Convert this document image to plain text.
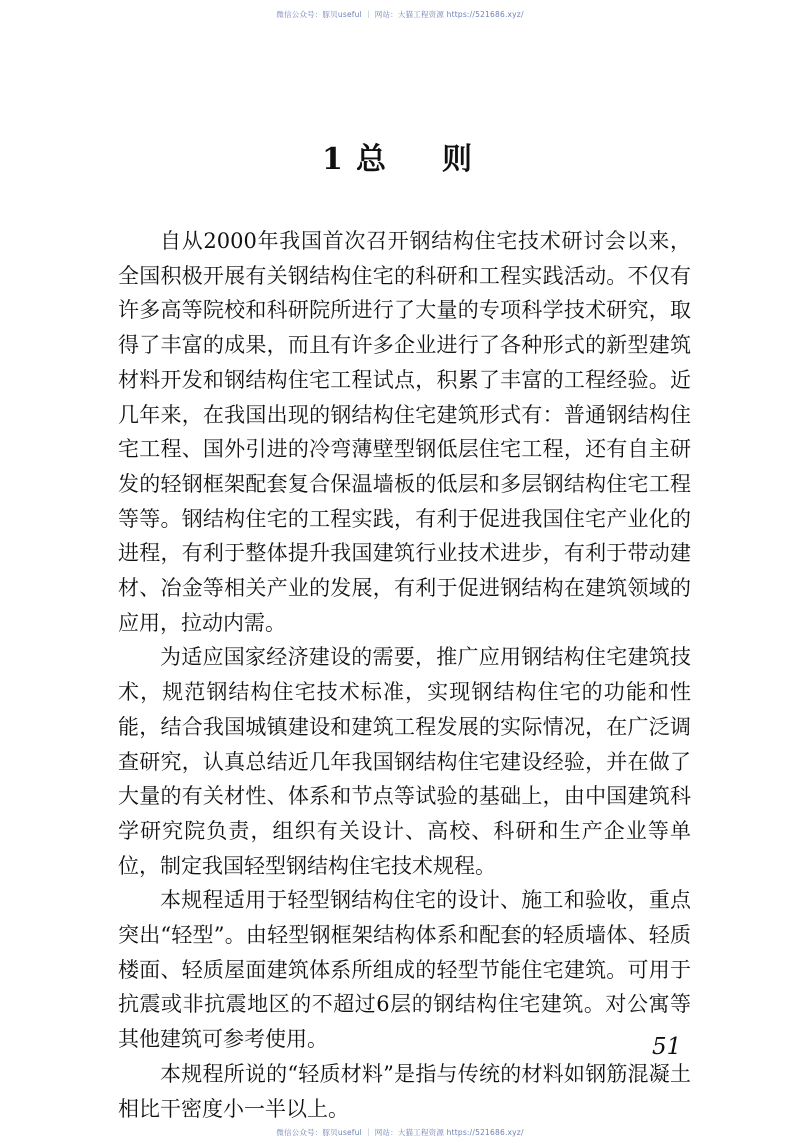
微信公众号：豚贝useful ｜ 网站：大猫工程资源 https://521686.xyz/
1 总 则

自从2000年我国首次召开钢结构住宅技术研讨会以来，全国积极开展有关钢结构住宅的科研和工程实践活动。不仅有许多高等院校和科研院所进行了大量的专项科学技术研究，取得了丰富的成果，而且有许多企业进行了各种形式的新型建筑材料开发和钢结构住宅工程试点，积累了丰富的工程经验。近几年来，在我国出现的钢结构住宅建筑形式有：普通钢结构住宅工程、国外引进的冷弯薄壁型钢低层住宅工程，还有自主研发的轻钢框架配套复合保温墙板的低层和多层钢结构住宅工程等等。钢结构住宅的工程实践，有利于促进我国住宅产业化的进程，有利于整体提升我国建筑行业技术进步，有利于带动建材、冶金等相关产业的发展，有利于促进钢结构在建筑领域的应用，拉动内需。

为适应国家经济建设的需要，推广应用钢结构住宅建筑技术，规范钢结构住宅技术标准，实现钢结构住宅的功能和性能，结合我国城镇建设和建筑工程发展的实际情况，在广泛调查研究，认真总结近几年我国钢结构住宅建设经验，并在做了大量的有关材性、体系和节点等试验的基础上，由中国建筑科学研究院负责，组织有关设计、高校、科研和生产企业等单位，制定我国轻型钢结构住宅技术规程。

本规程适用于轻型钢结构住宅的设计、施工和验收，重点突出“轻型”。由轻型钢框架结构体系和配套的轻质墙体、轻质楼面、轻质屋面建筑体系所组成的轻型节能住宅建筑。可用于抗震或非抗震地区的不超过6层的钢结构住宅建筑。对公寓等其他建筑可参考使用。

本规程所说的“轻质材料”是指与传统的材料如钢筋混凝土相比干密度小一半以上。

51
微信公众号：豚贝useful ｜ 网站：大猫工程资源 https://521686.xyz/
